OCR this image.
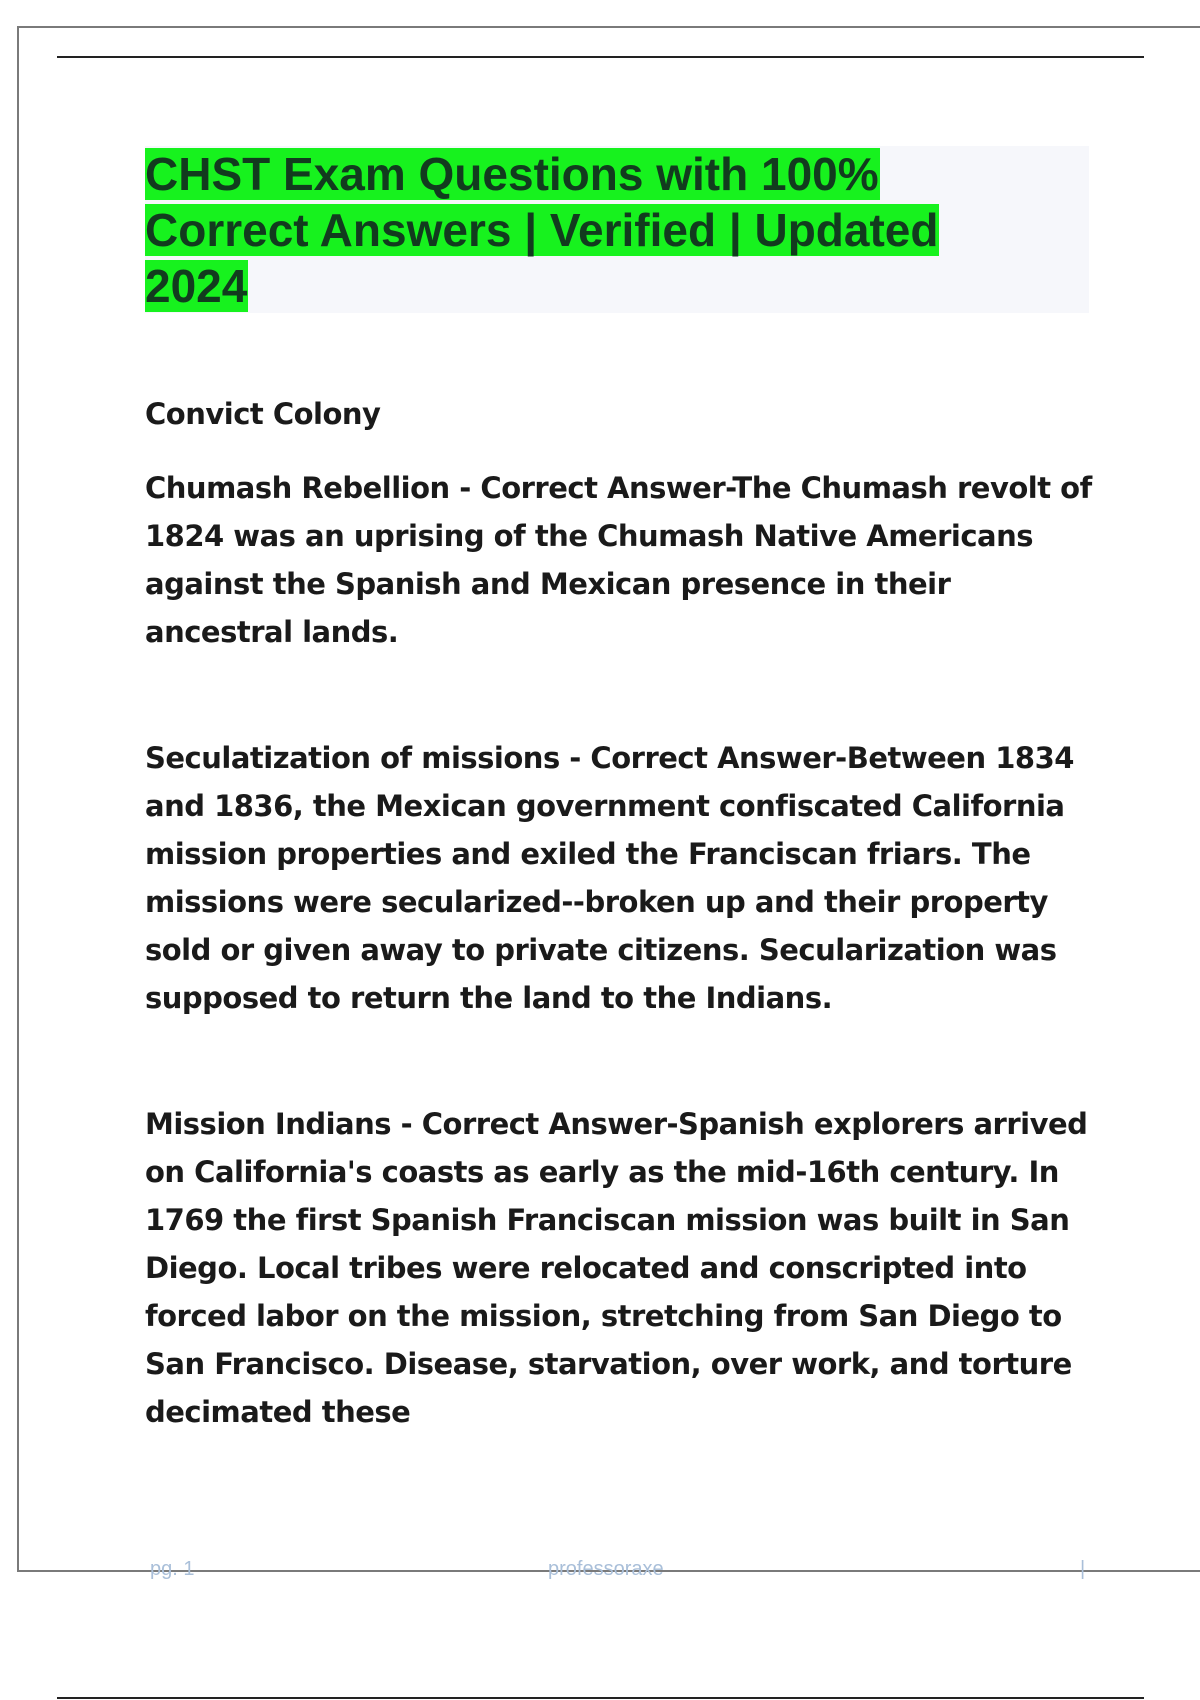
CHST Exam Questions with 100%
Correct Answers | Verified | Updated
2024

Convict Colony

Chumash Rebellion - Correct Answer-The Chumash revolt of 1824 was an uprising of the Chumash Native Americans against the Spanish and Mexican presence in their ancestral lands.

Seculatization of missions - Correct Answer-Between 1834 and 1836, the Mexican government confiscated California mission properties and exiled the Franciscan friars. The missions were secularized--broken up and their property sold or given away to private citizens. Secularization was supposed to return the land to the Indians.

Mission Indians - Correct Answer-Spanish explorers arrived on California's coasts as early as the mid-16th century. In 1769 the first Spanish Franciscan mission was built in San Diego. Local tribes were relocated and conscripted into forced labor on the mission, stretching from San Diego to San Francisco. Disease, starvation, over work, and torture decimated these

pg. 1	professoraxe	|
